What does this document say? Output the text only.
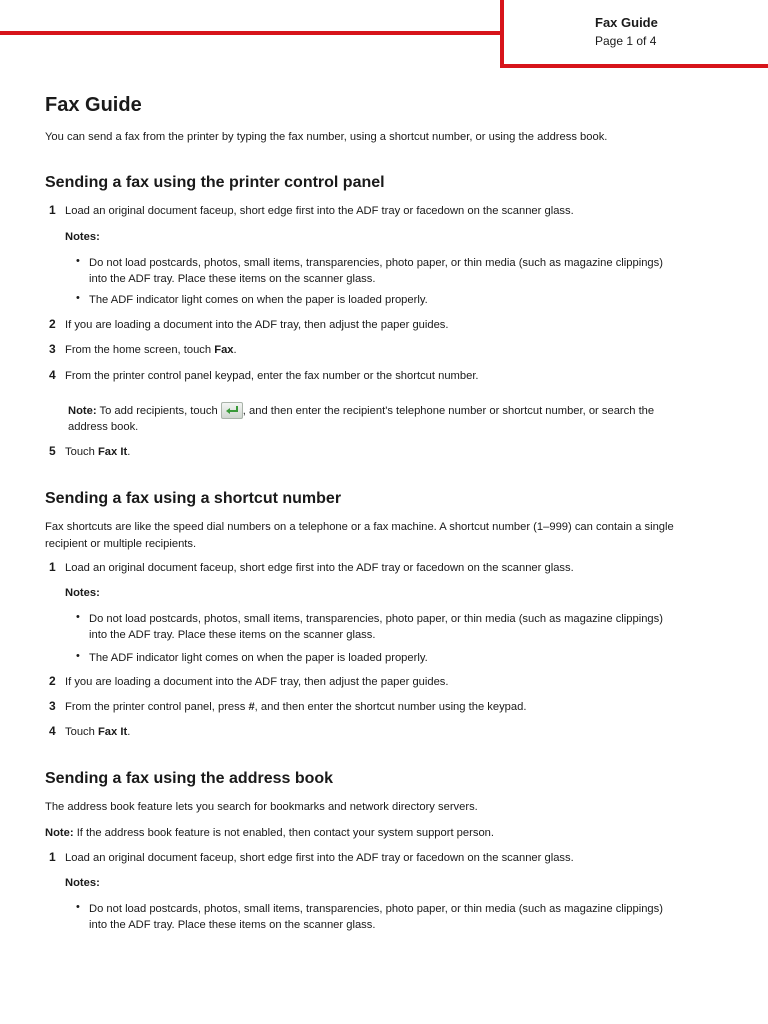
Fax Guide
Page 1 of 4
Fax Guide
You can send a fax from the printer by typing the fax number, using a shortcut number, or using the address book.
Sending a fax using the printer control panel
1 Load an original document faceup, short edge first into the ADF tray or facedown on the scanner glass.
Notes:
• Do not load postcards, photos, small items, transparencies, photo paper, or thin media (such as magazine clippings)
into the ADF tray. Place these items on the scanner glass.
• The ADF indicator light comes on when the paper is loaded properly.
2 If you are loading a document into the ADF tray, then adjust the paper guides.
3 From the home screen, touch Fax.
4 From the printer control panel keypad, enter the fax number or the shortcut number.
Note: To add recipients, touch , and then enter the recipient's telephone number or shortcut number, or search the
address book.
5 Touch Fax It.
Sending a fax using a shortcut number
Fax shortcuts are like the speed dial numbers on a telephone or a fax machine. A shortcut number (1–999) can contain a single
recipient or multiple recipients.
1 Load an original document faceup, short edge first into the ADF tray or facedown on the scanner glass.
Notes:
• Do not load postcards, photos, small items, transparencies, photo paper, or thin media (such as magazine clippings)
into the ADF tray. Place these items on the scanner glass.
• The ADF indicator light comes on when the paper is loaded properly.
2 If you are loading a document into the ADF tray, then adjust the paper guides.
3 From the printer control panel, press #, and then enter the shortcut number using the keypad.
4 Touch Fax It.
Sending a fax using the address book
The address book feature lets you search for bookmarks and network directory servers.
Note: If the address book feature is not enabled, then contact your system support person.
1 Load an original document faceup, short edge first into the ADF tray or facedown on the scanner glass.
Notes:
• Do not load postcards, photos, small items, transparencies, photo paper, or thin media (such as magazine clippings)
into the ADF tray. Place these items on the scanner glass.
